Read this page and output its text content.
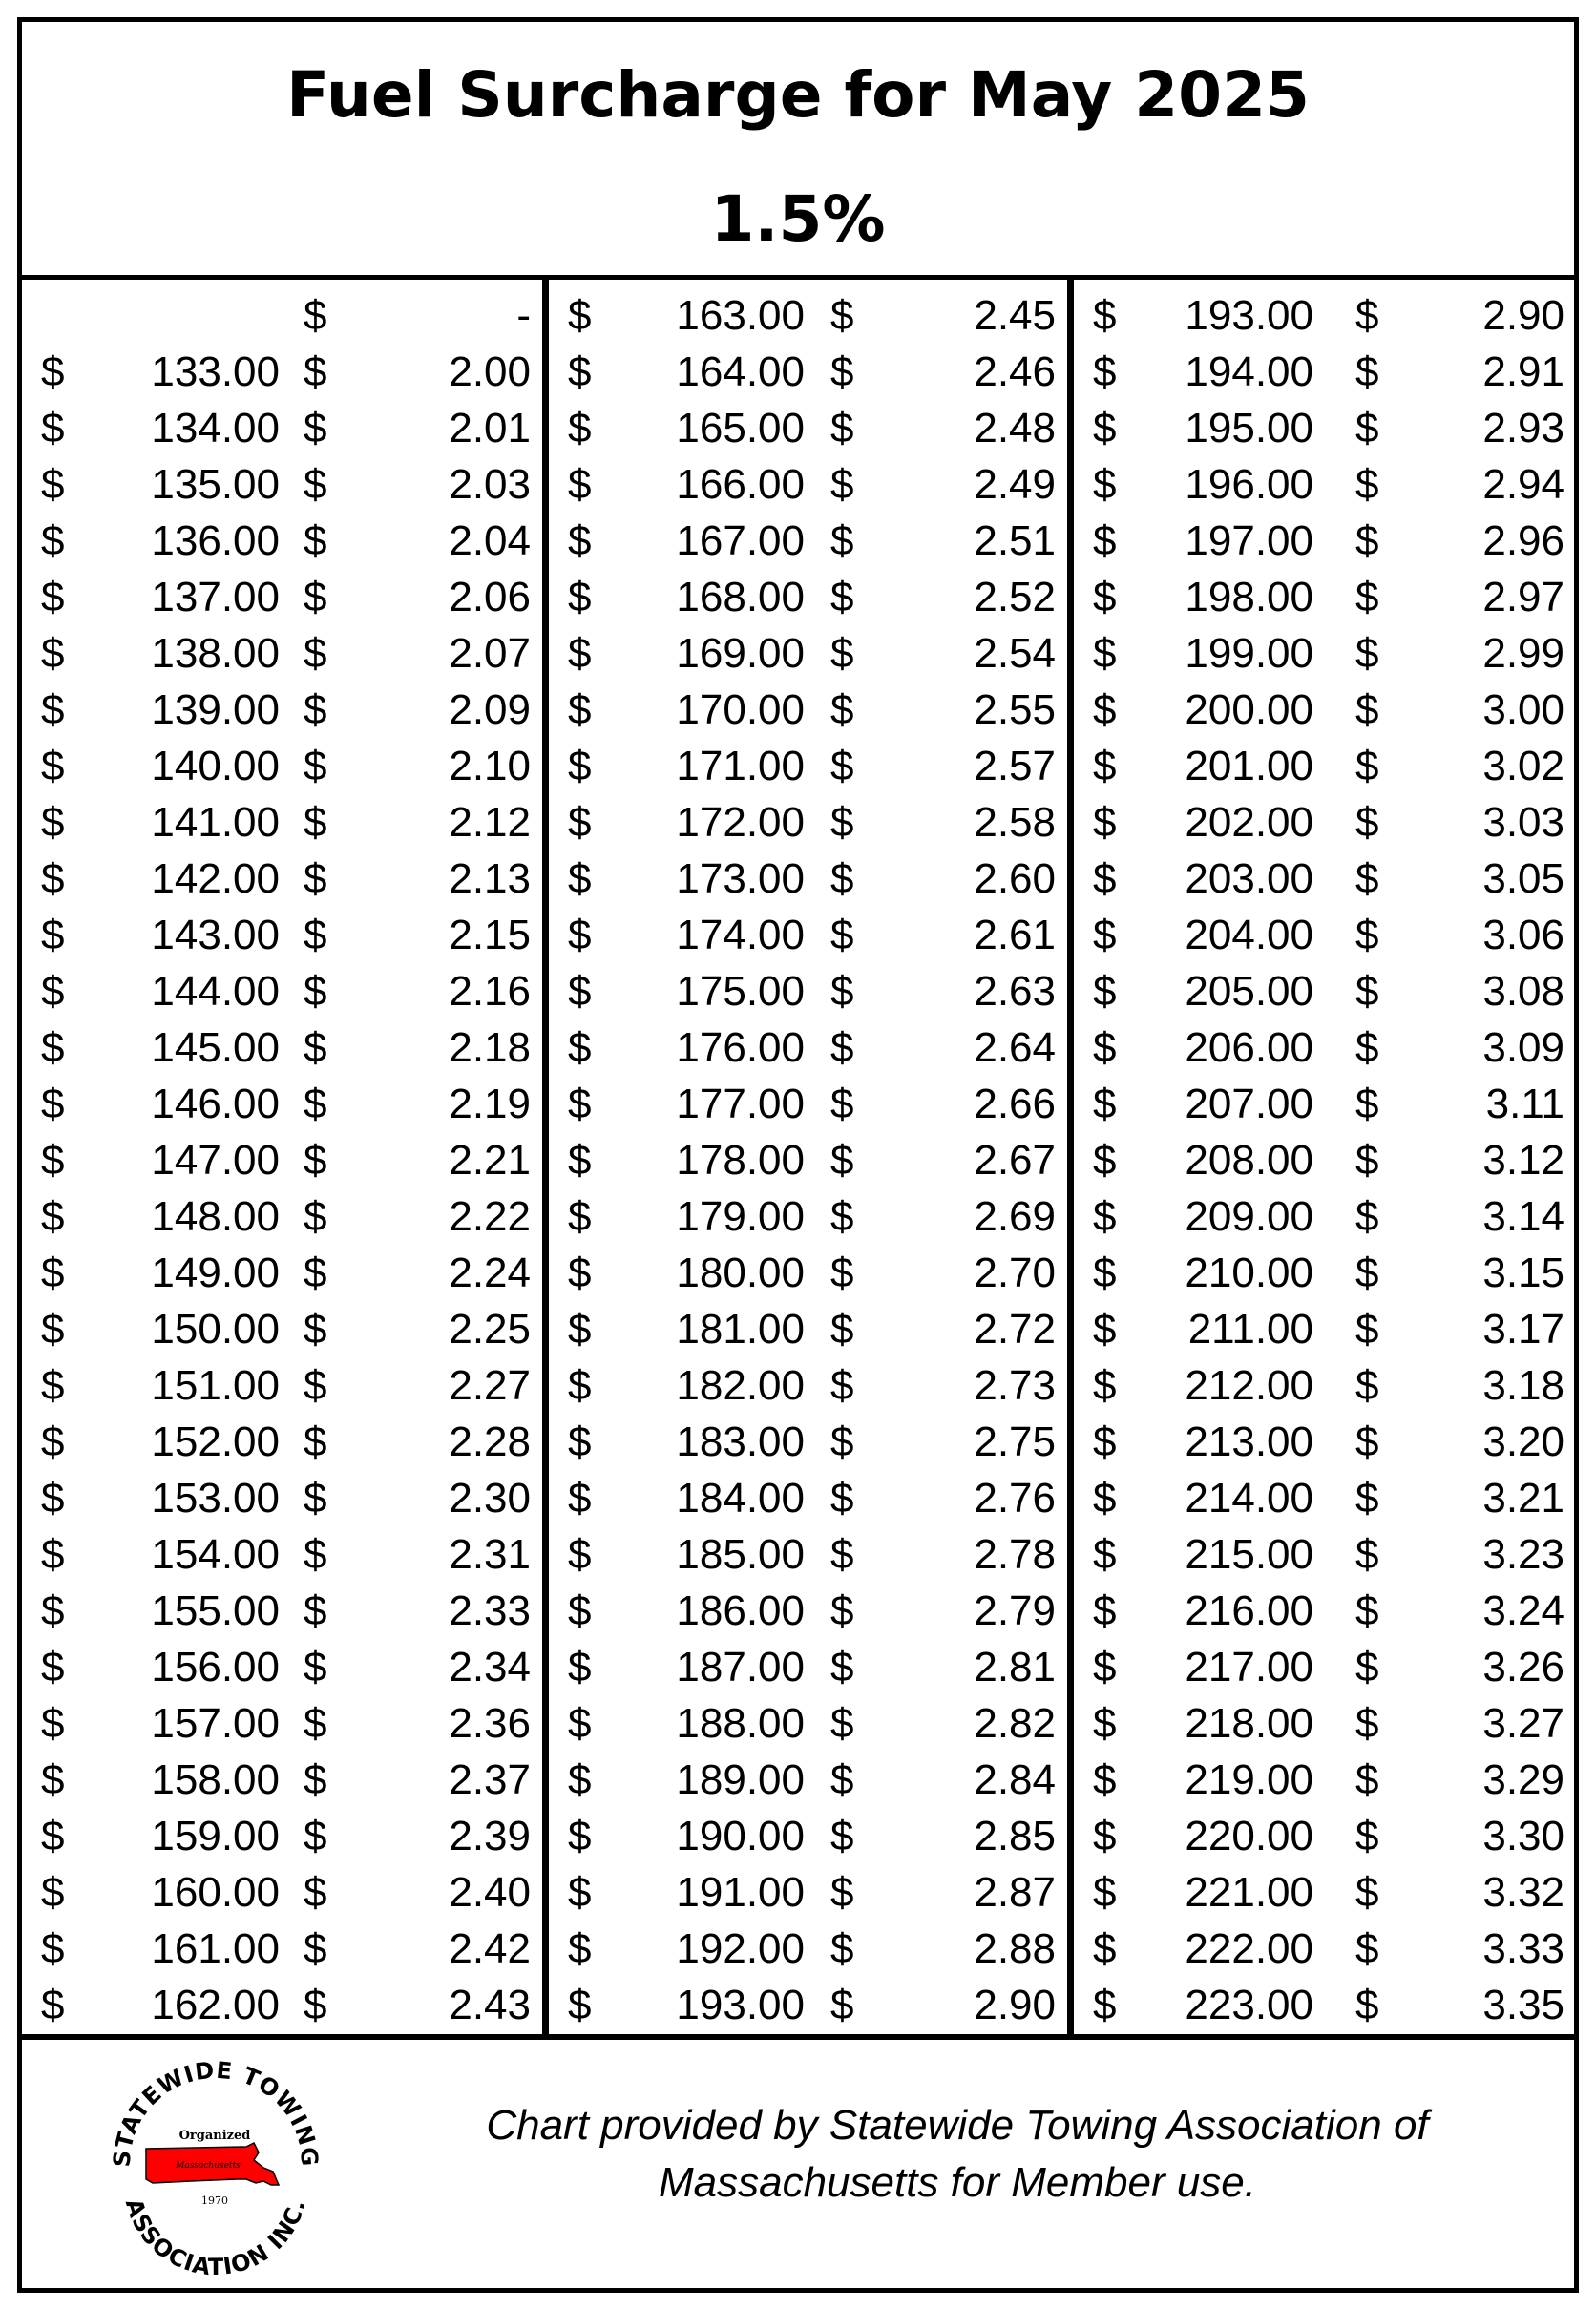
Fuel Surcharge for May 2025
1.5%
$	-
$ 133.00 $	2.00
$ 134.00 $	2.01
$ 135.00 $	2.03
$ 136.00 $	2.04
$ 137.00 $	2.06
$ 138.00 $	2.07
$ 139.00 $	2.09
$ 140.00 $	2.10
$ 141.00 $	2.12
$ 142.00 $	2.13
$ 143.00 $	2.15
$ 144.00 $	2.16
$ 145.00 $	2.18
$ 146.00 $	2.19
$ 147.00 $	2.21
$ 148.00 $	2.22
$ 149.00 $	2.24
$ 150.00 $	2.25
$ 151.00 $	2.27
$ 152.00 $	2.28
$ 153.00 $	2.30
$ 154.00 $	2.31
$ 155.00 $	2.33
$ 156.00 $	2.34
$ 157.00 $	2.36
$ 158.00 $	2.37
$ 159.00 $	2.39
$ 160.00 $	2.40
$ 161.00 $	2.42
$ 162.00 $	2.43
$ 163.00 $	2.45
$ 164.00 $	2.46
$ 165.00 $	2.48
$ 166.00 $	2.49
$ 167.00 $	2.51
$ 168.00 $	2.52
$ 169.00 $	2.54
$ 170.00 $	2.55
$ 171.00 $	2.57
$ 172.00 $	2.58
$ 173.00 $	2.60
$ 174.00 $	2.61
$ 175.00 $	2.63
$ 176.00 $	2.64
$ 177.00 $	2.66
$ 178.00 $	2.67
$ 179.00 $	2.69
$ 180.00 $	2.70
$ 181.00 $	2.72
$ 182.00 $	2.73
$ 183.00 $	2.75
$ 184.00 $	2.76
$ 185.00 $	2.78
$ 186.00 $	2.79
$ 187.00 $	2.81
$ 188.00 $	2.82
$ 189.00 $	2.84
$ 190.00 $	2.85
$ 191.00 $	2.87
$ 192.00 $	2.88
$ 193.00 $	2.90
$ 193.00 $ 2.90
$ 194.00 $ 2.91
$ 195.00 $ 2.93
$ 196.00 $ 2.94
$ 197.00 $ 2.96
$ 198.00 $ 2.97
$ 199.00 $ 2.99
$ 200.00 $ 3.00
$ 201.00 $ 3.02
$ 202.00 $ 3.03
$ 203.00 $ 3.05
$ 204.00 $ 3.06
$ 205.00 $ 3.08
$ 206.00 $ 3.09
$ 207.00 $	3.11
$ 208.00 $ 3.12
$ 209.00 $ 3.14
$ 210.00 $ 3.15
$ 211.00 $ 3.17
$ 212.00 $ 3.18
$ 213.00 $ 3.20
$ 214.00 $ 3.21
$ 215.00 $ 3.23
$ 216.00 $ 3.24
$ 217.00 $ 3.26
$ 218.00 $ 3.27
$ 219.00 $ 3.29
$ 220.00 $ 3.30
$ 221.00 $ 3.32
$ 222.00 $ 3.33
$ 223.00 $ 3.35
STATEWIDE TOWING
ASSOCIATION INC.
Organized
Massachusetts
1970
Chart provided by Statewide Towing Association of
Massachusetts for Member use.
